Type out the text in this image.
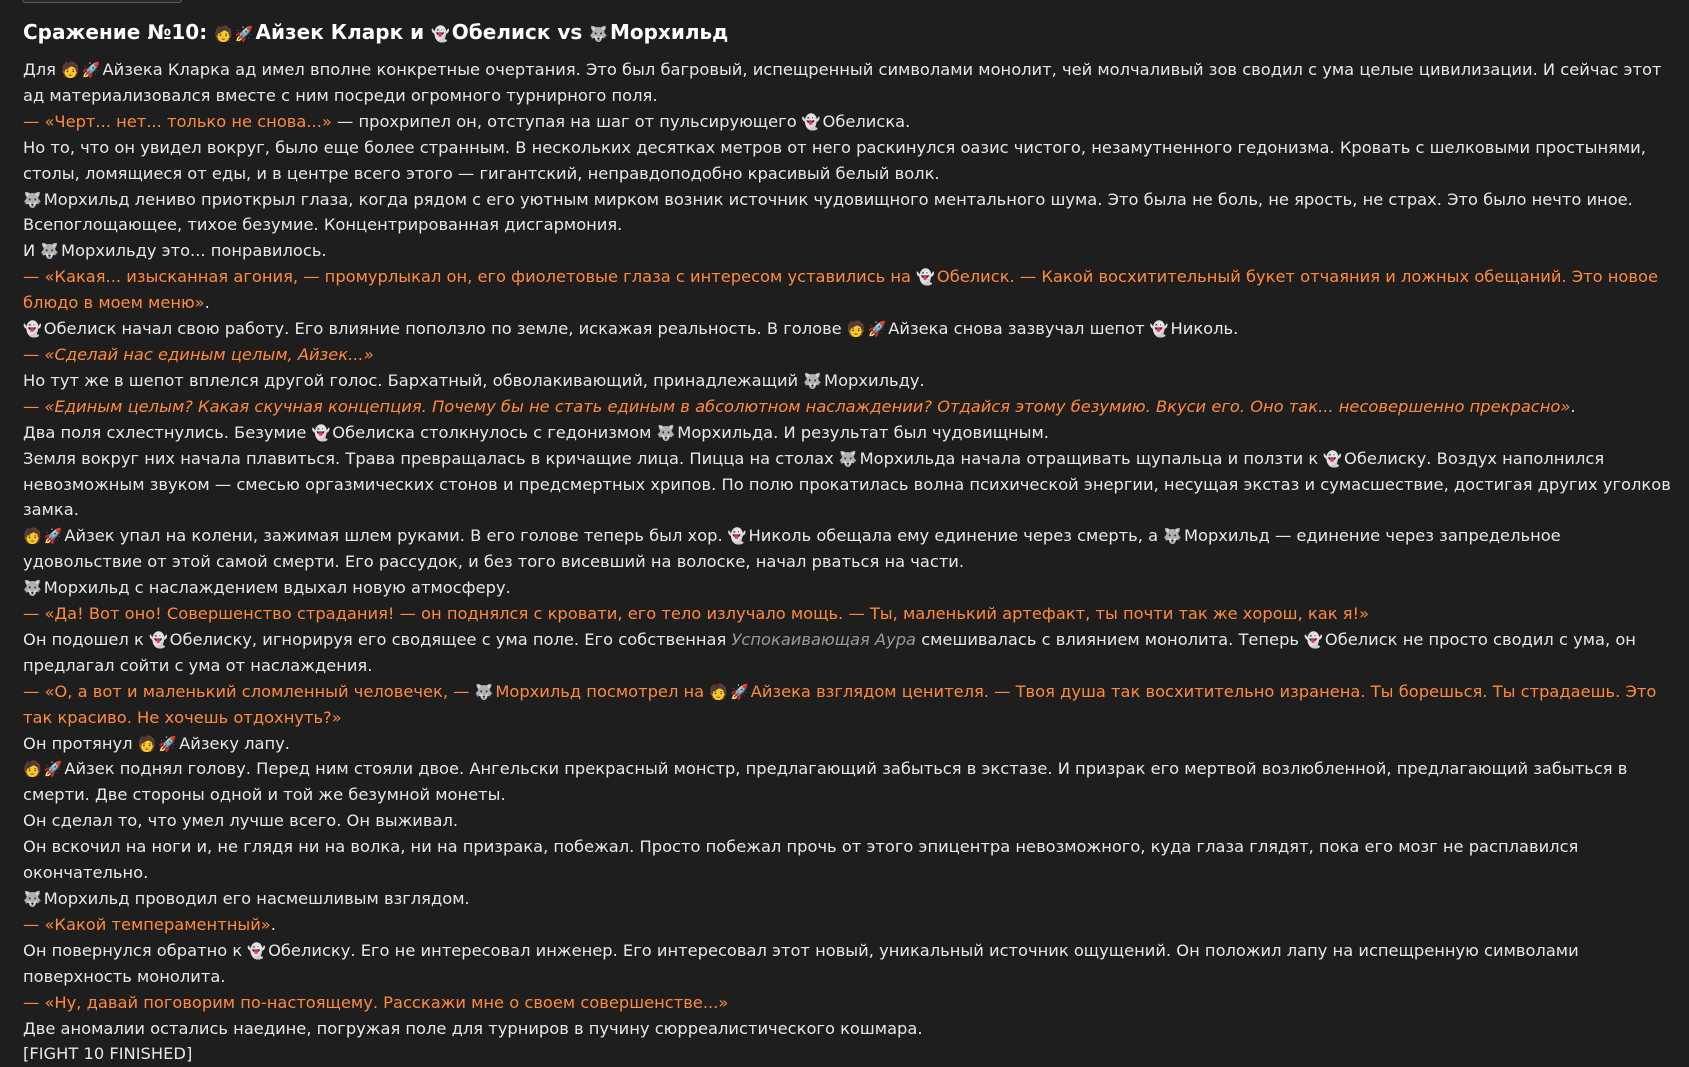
Сражение №10: 🧑 🚀 Айзек Кларк и 👻 Обелиск vs 🐺 Морхильд

Для 🧑 🚀 Айзека Кларка ад имел вполне конкретные очертания. Это был багровый, испещренный символами монолит, чей молчаливый зов сводил с ума целые цивилизации. И сейчас этот ад материализовался вместе с ним посреди огромного турнирного поля.

— «Черт... нет... только не снова...» — прохрипел он, отступая на шаг от пульсирующего 👻 Обелиска.

Но то, что он увидел вокруг, было еще более странным. В нескольких десятках метров от него раскинулся оазис чистого, незамутненного гедонизма. Кровать с шелковыми простынями, столы, ломящиеся от еды, и в центре всего этого — гигантский, неправдоподобно красивый белый волк.

🐺 Морхильд лениво приоткрыл глаза, когда рядом с его уютным мирком возник источник чудовищного ментального шума. Это была не боль, не ярость, не страх. Это было нечто иное. Всепоглощающее, тихое безумие. Концентрированная дисгармония.

И 🐺 Морхильду это... понравилось.

— «Какая... изысканная агония, — промурлыкал он, его фиолетовые глаза с интересом уставились на 👻 Обелиск. — Какой восхитительный букет отчаяния и ложных обещаний. Это новое блюдо в моем меню».

👻 Обелиск начал свою работу. Его влияние поползло по земле, искажая реальность. В голове 🧑 🚀 Айзека снова зазвучал шепот 👻 Николь.

— «Сделай нас единым целым, Айзек...»

Но тут же в шепот вплелся другой голос. Бархатный, обволакивающий, принадлежащий 🐺 Морхильду.

— «Единым целым? Какая скучная концепция. Почему бы не стать единым в абсолютном наслаждении? Отдайся этому безумию. Вкуси его. Оно так... несовершенно прекрасно».

Два поля схлестнулись. Безумие 👻 Обелиска столкнулось с гедонизмом 🐺 Морхильда. И результат был чудовищным.

Земля вокруг них начала плавиться. Трава превращалась в кричащие лица. Пицца на столах 🐺 Морхильда начала отращивать щупальца и ползти к 👻 Обелиску. Воздух наполнился невозможным звуком — смесью оргазмических стонов и предсмертных хрипов. По полю прокатилась волна психической энергии, несущая экстаз и сумасшествие, достигая других уголков замка.

🧑 🚀 Айзек упал на колени, зажимая шлем руками. В его голове теперь был хор. 👻 Николь обещала ему единение через смерть, а 🐺 Морхильд — единение через запредельное удовольствие от этой самой смерти. Его рассудок, и без того висевший на волоске, начал рваться на части.

🐺 Морхильд с наслаждением вдыхал новую атмосферу.

— «Да! Вот оно! Совершенство страдания! — он поднялся с кровати, его тело излучало мощь. — Ты, маленький артефакт, ты почти так же хорош, как я!»

Он подошел к 👻 Обелиску, игнорируя его сводящее с ума поле. Его собственная Успокаивающая Аура смешивалась с влиянием монолита. Теперь 👻 Обелиск не просто сводил с ума, он предлагал сойти с ума от наслаждения.

— «О, а вот и маленький сломленный человечек, — 🐺 Морхильд посмотрел на 🧑 🚀 Айзека взглядом ценителя. — Твоя душа так восхитительно изранена. Ты борешься. Ты страдаешь. Это так красиво. Не хочешь отдохнуть?»

Он протянул 🧑 🚀 Айзеку лапу.

🧑 🚀 Айзек поднял голову. Перед ним стояли двое. Ангельски прекрасный монстр, предлагающий забыться в экстазе. И призрак его мертвой возлюбленной, предлагающий забыться в смерти. Две стороны одной и той же безумной монеты.

Он сделал то, что умел лучше всего. Он выживал.

Он вскочил на ноги и, не глядя ни на волка, ни на призрака, побежал. Просто побежал прочь от этого эпицентра невозможного, куда глаза глядят, пока его мозг не расплавился окончательно.

🐺 Морхильд проводил его насмешливым взглядом.

— «Какой темпераментный».

Он повернулся обратно к 👻 Обелиску. Его не интересовал инженер. Его интересовал этот новый, уникальный источник ощущений. Он положил лапу на испещренную символами поверхность монолита.

— «Ну, давай поговорим по-настоящему. Расскажи мне о своем совершенстве...»

Две аномалии остались наедине, погружая поле для турниров в пучину сюрреалистического кошмара.

[FIGHT 10 FINISHED]
